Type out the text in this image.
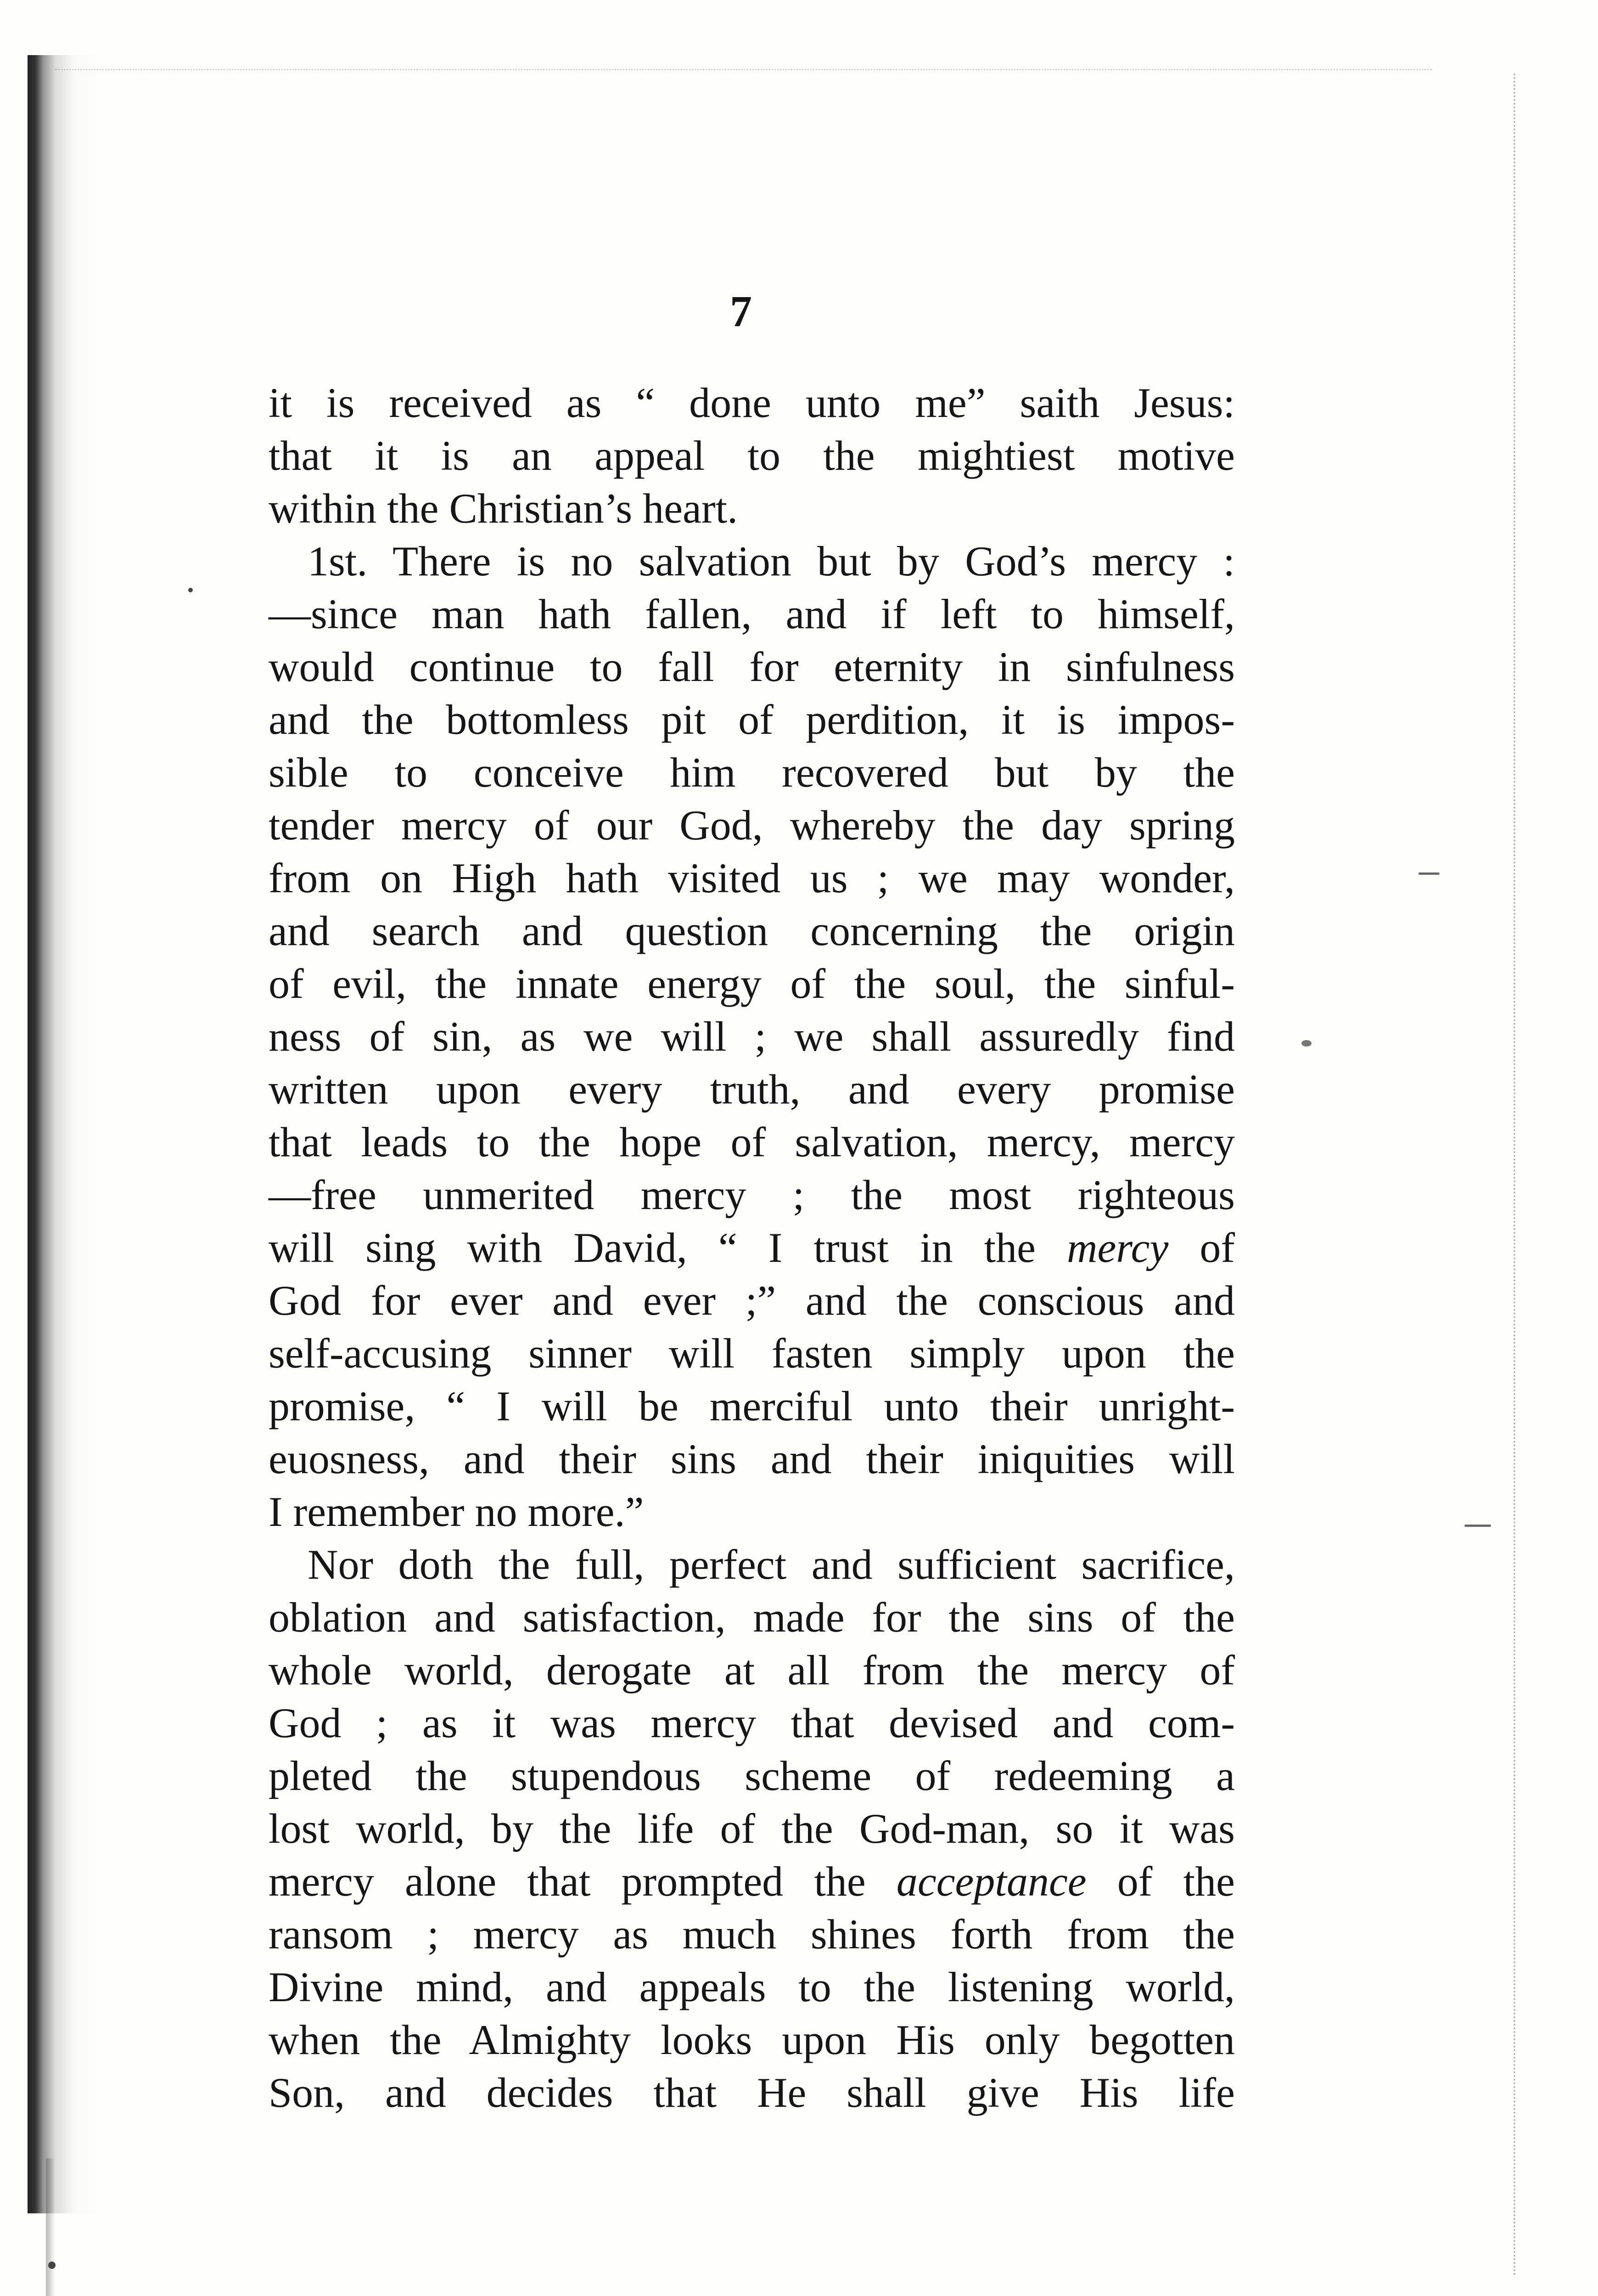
7
it is received as “ done unto me” saith Jesus:
that it is an appeal to the mightiest motive
within the Christian’s heart.
1st. There is no salvation but by God’s mercy :
—since man hath fallen, and if left to himself,
would continue to fall for eternity in sinfulness
and the bottomless pit of perdition, it is impos-
sible to conceive him recovered but by the
tender mercy of our God, whereby the day spring
from on High hath visited us ; we may wonder,
and search and question concerning the origin
of evil, the innate energy of the soul, the sinful-
ness of sin, as we will ; we shall assuredly find
written upon every truth, and every promise
that leads to the hope of salvation, mercy, mercy
—free unmerited mercy ; the most righteous
will sing with David, “ I trust in the mercy of
God for ever and ever ;” and the conscious and
self-accusing sinner will fasten simply upon the
promise, “ I will be merciful unto their unright-
euosness, and their sins and their iniquities will
I remember no more.”
Nor doth the full, perfect and sufficient sacrifice,
oblation and satisfaction, made for the sins of the
whole world, derogate at all from the mercy of
God ; as it was mercy that devised and com-
pleted the stupendous scheme of redeeming a
lost world, by the life of the God-man, so it was
mercy alone that prompted the acceptance of the
ransom ; mercy as much shines forth from the
Divine mind, and appeals to the listening world,
when the Almighty looks upon His only begotten
Son, and decides that He shall give His life
